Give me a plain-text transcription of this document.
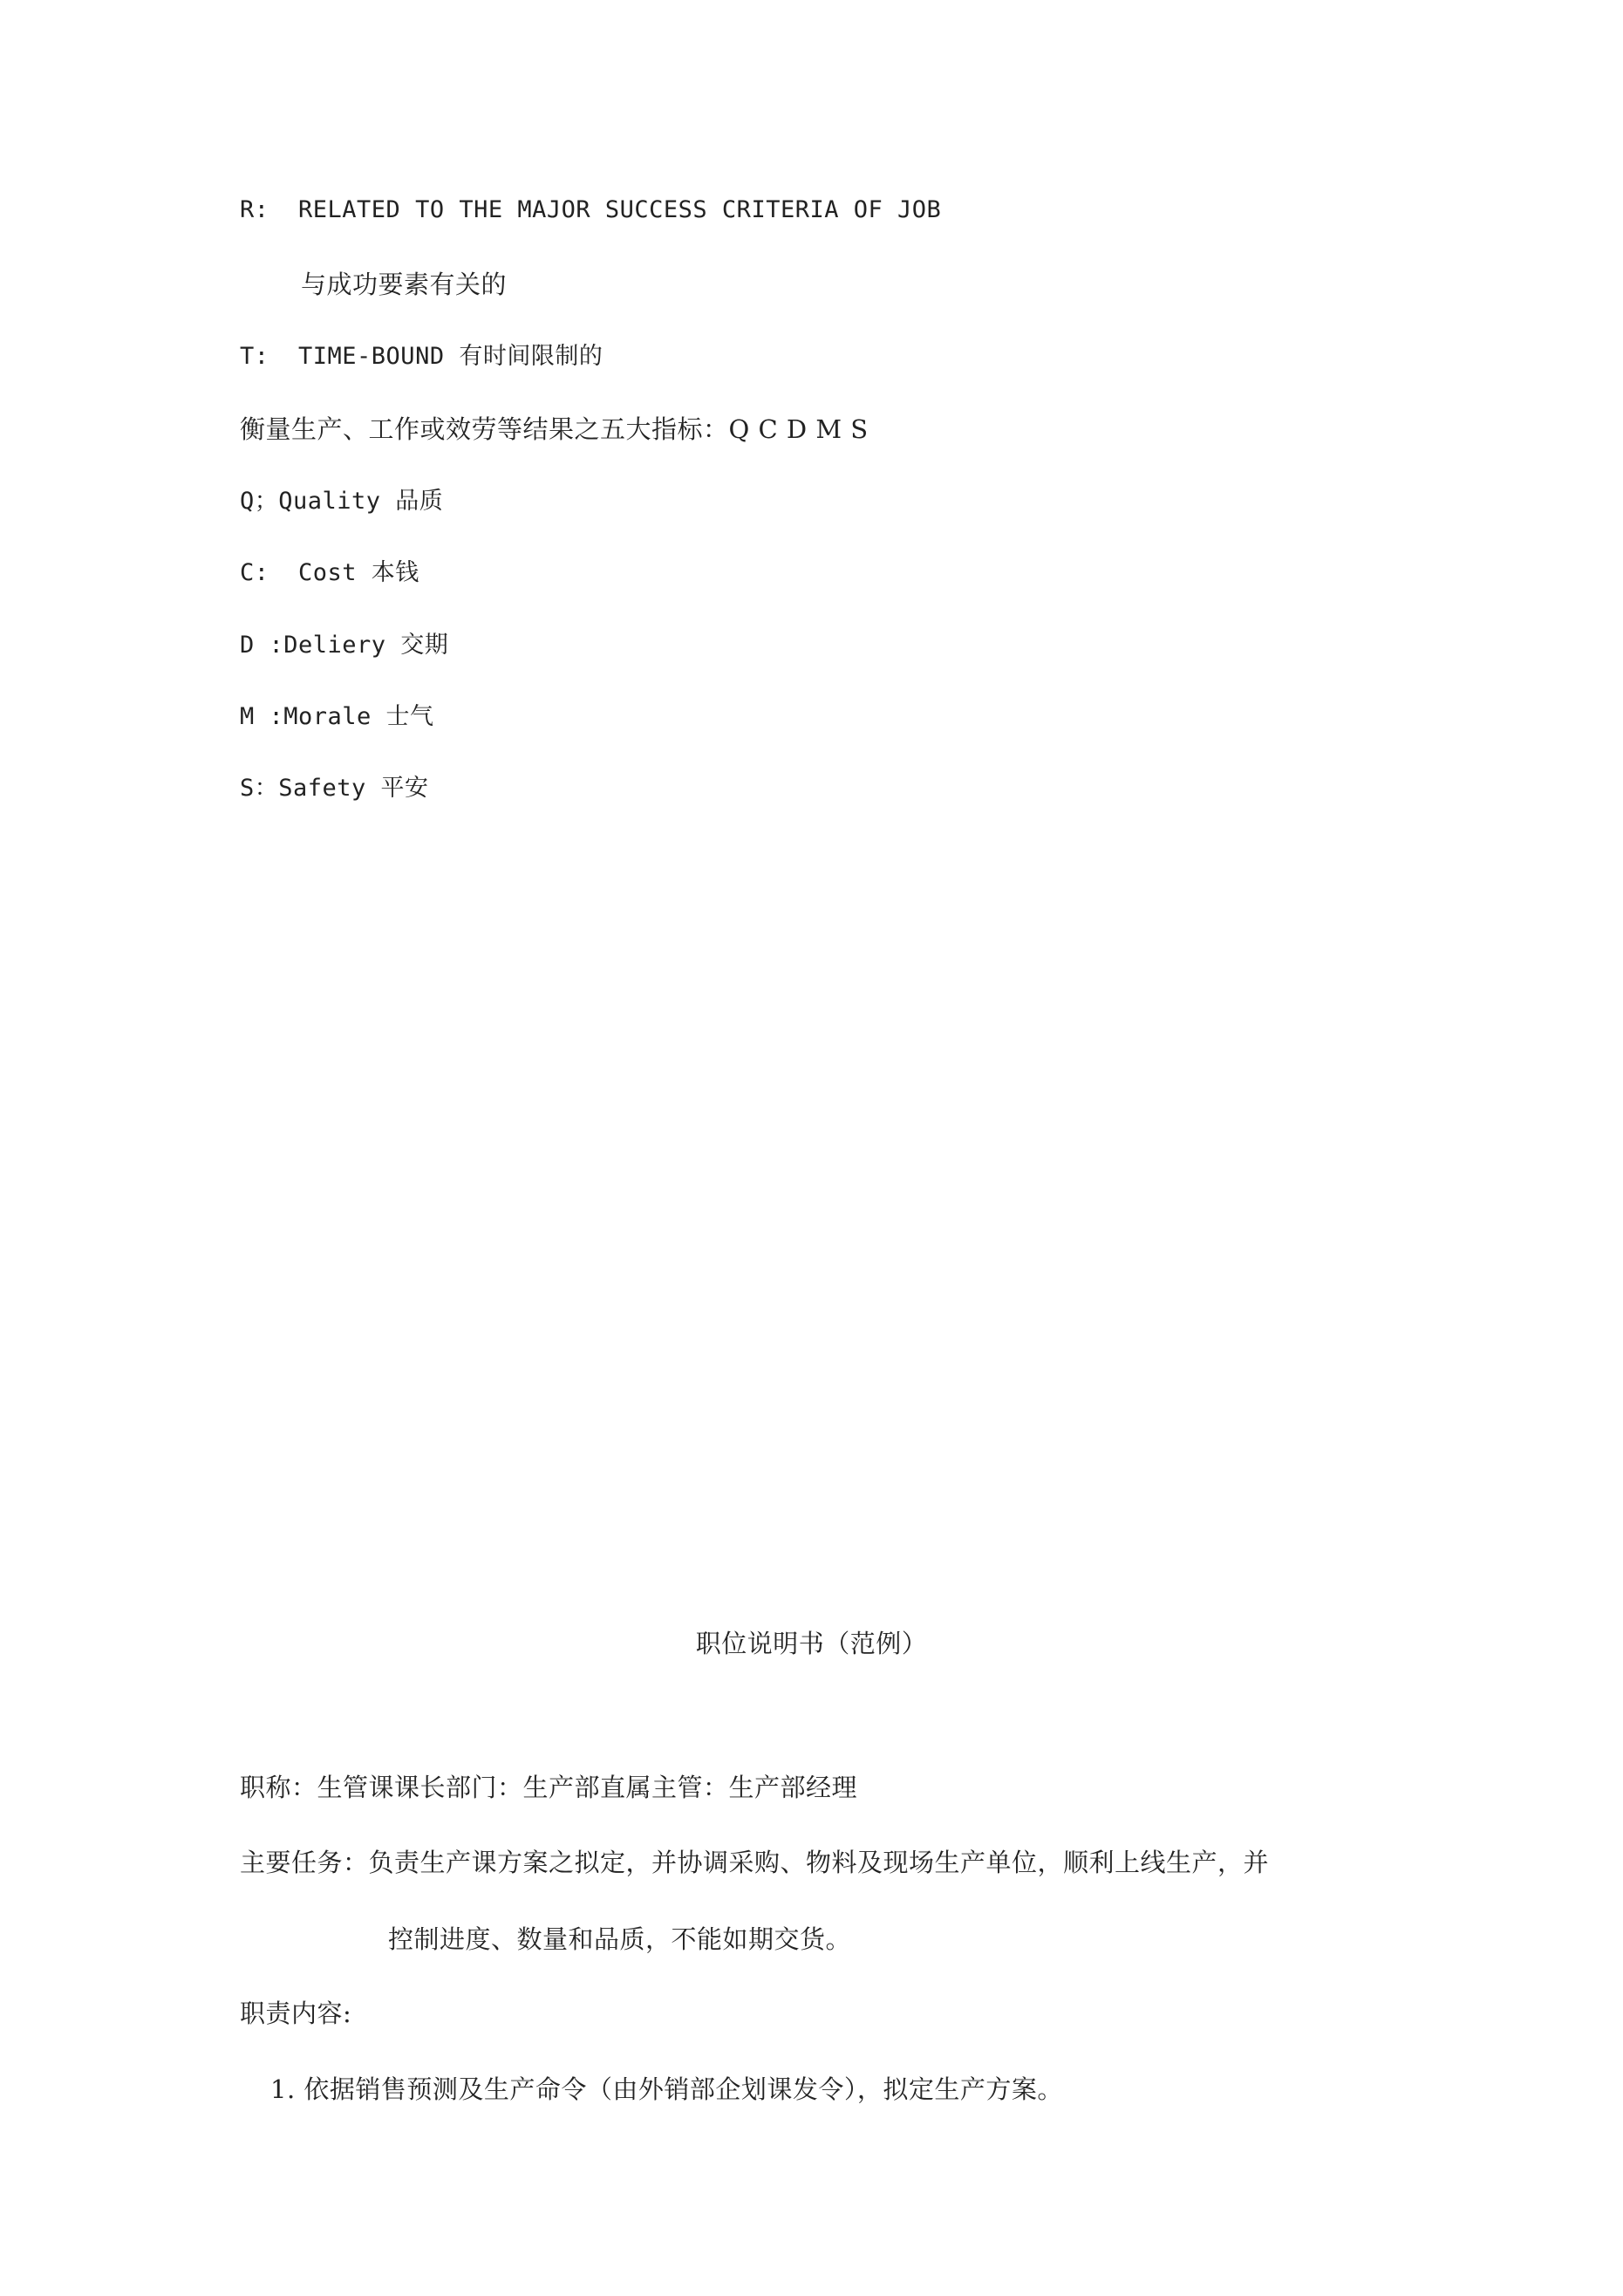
R:  RELATED TO THE MAJOR SUCCESS CRITERIA OF JOB
与成功要素有关的
T:  TIME-BOUND 有时间限制的
衡量生产、工作或效劳等结果之五大指标：Q C D M S
Q；Quality 品质
C:  Cost 本钱
D :Deliery 交期
M :Morale 士气
S：Safety 平安
职位说明书（范例）
职称：生管课课长部门：生产部直属主管：生产部经理
主要任务：负责生产课方案之拟定，并协调采购、物料及现场生产单位，顺利上线生产，并
控制进度、数量和品质，不能如期交货。
职责内容:
1. 依据销售预测及生产命令（由外销部企划课发令），拟定生产方案。
